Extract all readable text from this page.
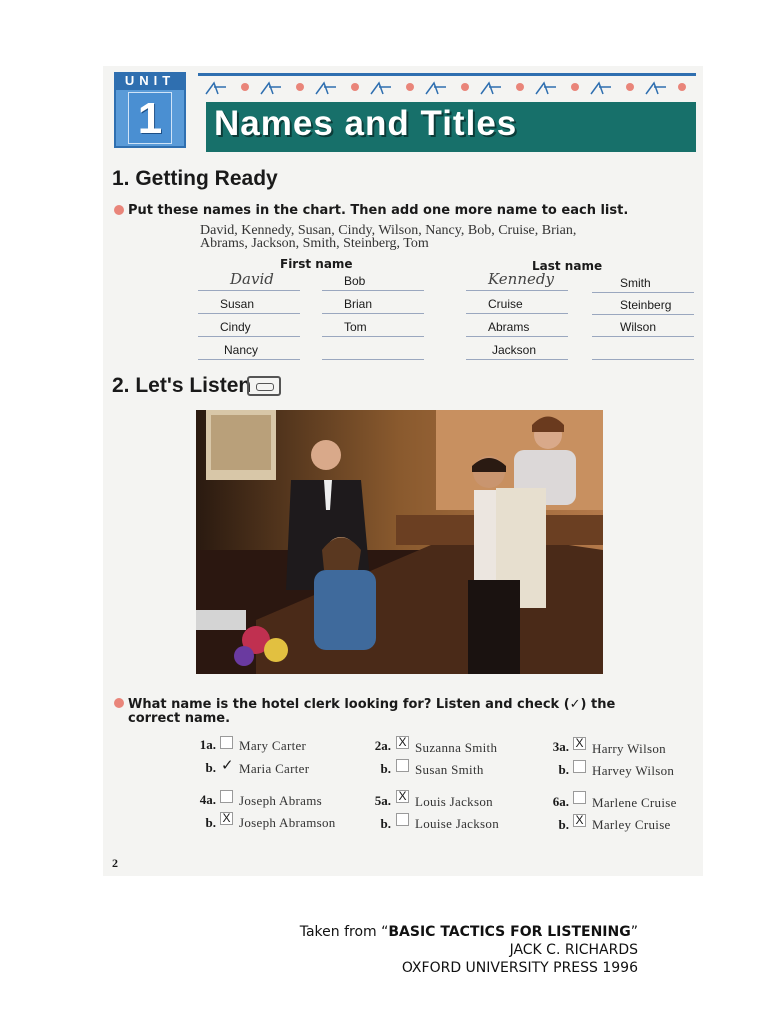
UNIT
1 Names and Titles
1. Getting Ready
Put these names in the chart. Then add one more name to each list.
David, Kennedy, Susan, Cindy, Wilson, Nancy, Bob, Cruise, Brian,
Abrams, Jackson, Smith, Steinberg, Tom
First name	Last name
David
Susan
Cindy
Nancy
Bob
Brian
Tom
Kennedy
Cruise
Abrams
Jackson
Smith
Steinberg
Wilson
2. Let's Listen
What name is the hotel clerk looking for? Listen and check (✓) the
correct name.
1a. Mary Carter
b. ✓ Maria Carter
2a. X Suzanna Smith
b. Susan Smith
3a. X Harry Wilson
b. Harvey Wilson
4a. Joseph Abrams
b. X Joseph Abramson
5a. X Louis Jackson
b. Louise Jackson
6a. Marlene Cruise
b. X Marley Cruise
2
Taken from “BASIC TACTICS FOR LISTENING”
JACK C. RICHARDS
OXFORD UNIVERSITY PRESS 1996
